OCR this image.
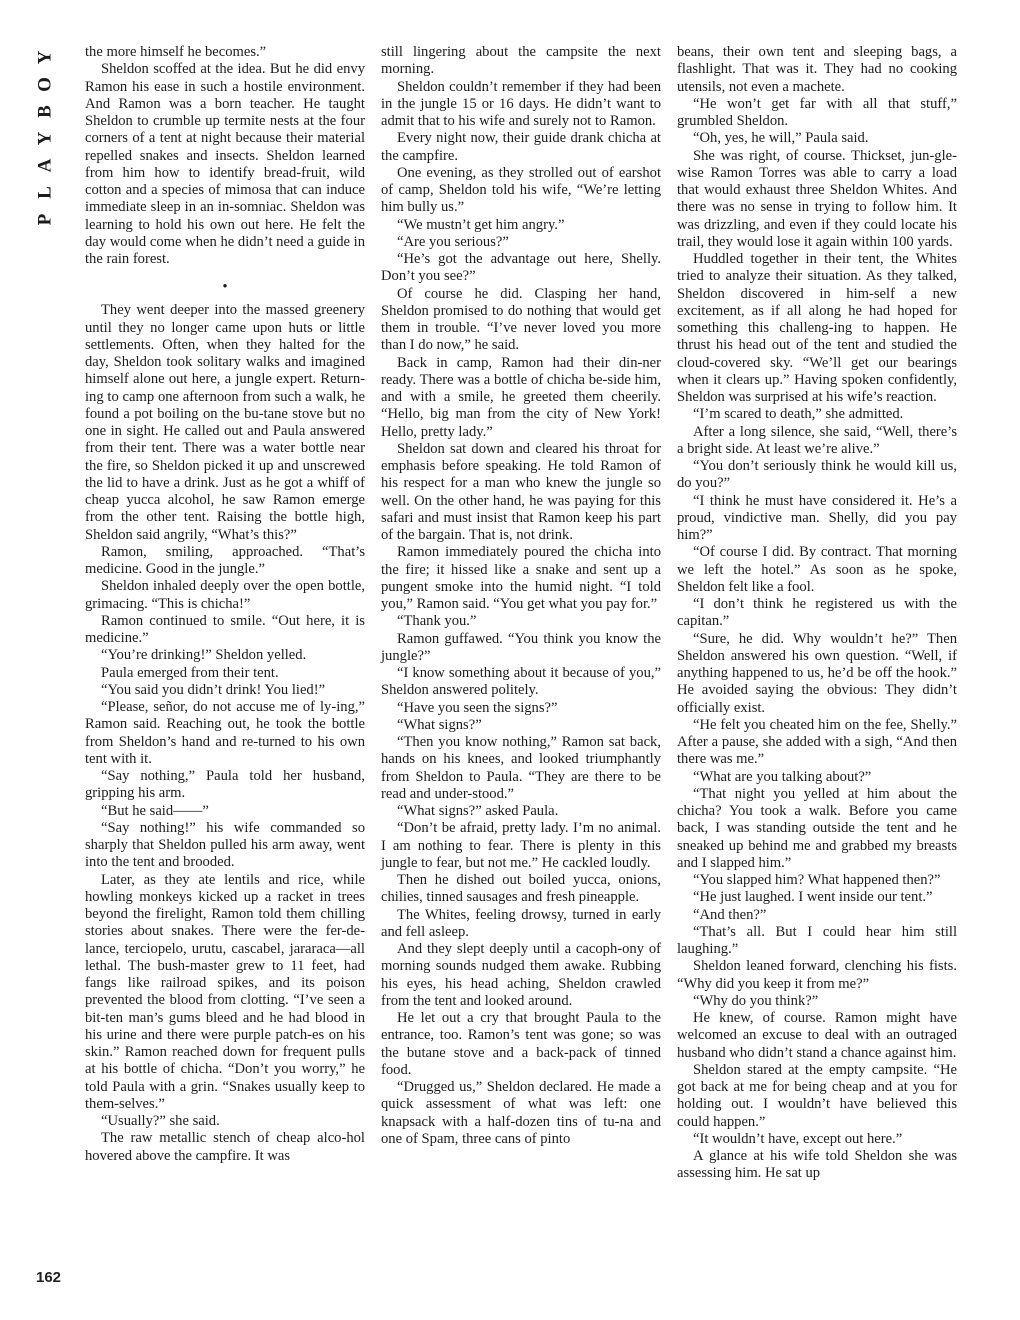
Y
O
B
Y
A
L
P
162

the more himself he becomes.”

Sheldon scoffed at the idea. But he did envy Ramon his ease in such a hostile environment. And Ramon was a born teacher. He taught Sheldon to crumble up termite nests at the four corners of a tent at night because their material repelled snakes and insects. Sheldon learned from him how to identify bread-fruit, wild cotton and a species of mimosa that can induce immediate sleep in an in-somniac. Sheldon was learning to hold his own out here. He felt the day would come when he didn’t need a guide in the rain forest.

●

They went deeper into the massed greenery until they no longer came upon huts or little settlements. Often, when they halted for the day, Sheldon took solitary walks and imagined himself alone out here, a jungle expert. Return-ing to camp one afternoon from such a walk, he found a pot boiling on the bu-tane stove but no one in sight. He called out and Paula answered from their tent. There was a water bottle near the fire, so Sheldon picked it up and unscrewed the lid to have a drink. Just as he got a whiff of cheap yucca alcohol, he saw Ramon emerge from the other tent. Raising the bottle high, Sheldon said angrily, “What’s this?”

Ramon, smiling, approached. “That’s medicine. Good in the jungle.”

Sheldon inhaled deeply over the open bottle, grimacing. “This is chicha!”

Ramon continued to smile. “Out here, it is medicine.”

“You’re drinking!” Sheldon yelled.

Paula emerged from their tent.

“You said you didn’t drink! You lied!”

“Please, señor, do not accuse me of ly-ing,” Ramon said. Reaching out, he took the bottle from Sheldon’s hand and re-turned to his own tent with it.

“Say nothing,” Paula told her husband, gripping his arm.

“But he said——”

“Say nothing!” his wife commanded so sharply that Sheldon pulled his arm away, went into the tent and brooded.

Later, as they ate lentils and rice, while howling monkeys kicked up a racket in trees beyond the firelight, Ramon told them chilling stories about snakes. There were the fer-de-lance, terciopelo, urutu, cascabel, jararaca—all lethal. The bush-master grew to 11 feet, had fangs like railroad spikes, and its poison prevented the blood from clotting. “I’ve seen a bit-ten man’s gums bleed and he had blood in his urine and there were purple patch-es on his skin.” Ramon reached down for frequent pulls at his bottle of chicha. “Don’t you worry,” he told Paula with a grin. “Snakes usually keep to them-selves.”

“Usually?” she said.

The raw metallic stench of cheap alco-hol hovered above the campfire. It was

still lingering about the campsite the next morning.

Sheldon couldn’t remember if they had been in the jungle 15 or 16 days. He didn’t want to admit that to his wife and surely not to Ramon.

Every night now, their guide drank chicha at the campfire.

One evening, as they strolled out of earshot of camp, Sheldon told his wife, “We’re letting him bully us.”

“We mustn’t get him angry.”

“Are you serious?”

“He’s got the advantage out here, Shelly. Don’t you see?”

Of course he did. Clasping her hand, Sheldon promised to do nothing that would get them in trouble. “I’ve never loved you more than I do now,” he said.

Back in camp, Ramon had their din-ner ready. There was a bottle of chicha be-side him, and with a smile, he greeted them cheerily. “Hello, big man from the city of New York! Hello, pretty lady.”

Sheldon sat down and cleared his throat for emphasis before speaking. He told Ramon of his respect for a man who knew the jungle so well. On the other hand, he was paying for this safari and must insist that Ramon keep his part of the bargain. That is, not drink.

Ramon immediately poured the chicha into the fire; it hissed like a snake and sent up a pungent smoke into the humid night. “I told you,” Ramon said. “You get what you pay for.”

“Thank you.”

Ramon guffawed. “You think you know the jungle?”

“I know something about it because of you,” Sheldon answered politely.

“Have you seen the signs?”

“What signs?”

“Then you know nothing,” Ramon sat back, hands on his knees, and looked triumphantly from Sheldon to Paula. “They are there to be read and under-stood.”

“What signs?” asked Paula.

“Don’t be afraid, pretty lady. I’m no animal. I am nothing to fear. There is plenty in this jungle to fear, but not me.” He cackled loudly.

Then he dished out boiled yucca, onions, chilies, tinned sausages and fresh pineapple.

The Whites, feeling drowsy, turned in early and fell asleep.

And they slept deeply until a cacoph-ony of morning sounds nudged them awake. Rubbing his eyes, his head aching, Sheldon crawled from the tent and looked around.

He let out a cry that brought Paula to the entrance, too. Ramon’s tent was gone; so was the butane stove and a back-pack of tinned food.

“Drugged us,” Sheldon declared. He made a quick assessment of what was left: one knapsack with a half-dozen tins of tu-na and one of Spam, three cans of pinto

beans, their own tent and sleeping bags, a flashlight. That was it. They had no cooking utensils, not even a machete.

“He won’t get far with all that stuff,” grumbled Sheldon.

“Oh, yes, he will,” Paula said.

She was right, of course. Thickset, jun-gle-wise Ramon Torres was able to carry a load that would exhaust three Sheldon Whites. And there was no sense in trying to follow him. It was drizzling, and even if they could locate his trail, they would lose it again within 100 yards.

Huddled together in their tent, the Whites tried to analyze their situation. As they talked, Sheldon discovered in him-self a new excitement, as if all along he had hoped for something this challeng-ing to happen. He thrust his head out of the tent and studied the cloud-covered sky. “We’ll get our bearings when it clears up.” Having spoken confidently, Sheldon was surprised at his wife’s reaction.

“I’m scared to death,” she admitted.

After a long silence, she said, “Well, there’s a bright side. At least we’re alive.”

“You don’t seriously think he would kill us, do you?”

“I think he must have considered it. He’s a proud, vindictive man. Shelly, did you pay him?”

“Of course I did. By contract. That morning we left the hotel.” As soon as he spoke, Sheldon felt like a fool.

“I don’t think he registered us with the capitan.”

“Sure, he did. Why wouldn’t he?” Then Sheldon answered his own question. “Well, if anything happened to us, he’d be off the hook.” He avoided saying the obvious: They didn’t officially exist.

“He felt you cheated him on the fee, Shelly.” After a pause, she added with a sigh, “And then there was me.”

“What are you talking about?”

“That night you yelled at him about the chicha? You took a walk. Before you came back, I was standing outside the tent and he sneaked up behind me and grabbed my breasts and I slapped him.”

“You slapped him? What happened then?”

“He just laughed. I went inside our tent.”

“And then?”

“That’s all. But I could hear him still laughing.”

Sheldon leaned forward, clenching his fists. “Why did you keep it from me?”

“Why do you think?”

He knew, of course. Ramon might have welcomed an excuse to deal with an outraged husband who didn’t stand a chance against him.

Sheldon stared at the empty campsite. “He got back at me for being cheap and at you for holding out. I wouldn’t have believed this could happen.”

“It wouldn’t have, except out here.”

A glance at his wife told Sheldon she was assessing him. He sat up
